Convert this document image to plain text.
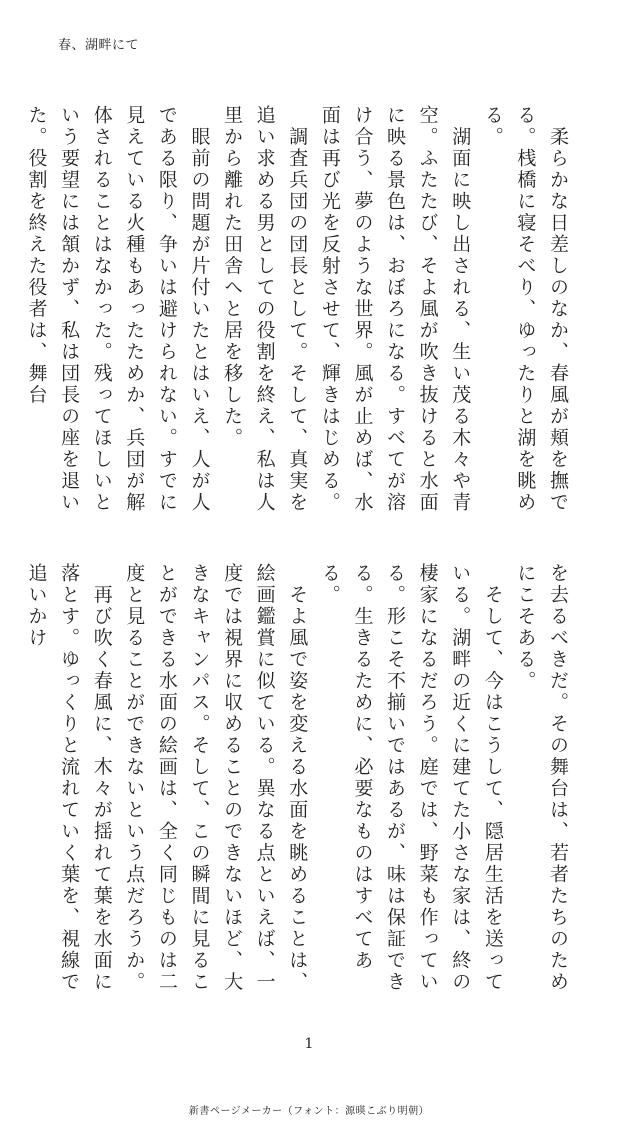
春、湖畔にて

　柔らかな日差しのなか、春風が頬を撫でる。桟橋に寝そべり、ゆったりと湖を眺める。

　湖面に映し出される、生い茂る木々や青空。ふたたび、そよ風が吹き抜けると水面に映る景色は、おぼろになる。すべてが溶け合う、夢のような世界。風が止めば、水面は再び光を反射させて、輝きはじめる。

　調査兵団の団長として。そして、真実を追い求める男としての役割を終え、私は人里から離れた田舎へと居を移した。

　眼前の問題が片付いたとはいえ、人が人である限り、争いは避けられない。すでに見えている火種もあったためか、兵団が解体されることはなかった。残ってほしいという要望には頷かず、私は団長の座を退いた。役割を終えた役者は、舞台

を去るべきだ。その舞台は、若者たちのためにこそある。

　そして、今はこうして、隠居生活を送っている。湖畔の近くに建てた小さな家は、終の棲家になるだろう。庭では、野菜も作っている。形こそ不揃いではあるが、味は保証できる。生きるために、必要なものはすべてある。

　そよ風で姿を変える水面を眺めることは、絵画鑑賞に似ている。異なる点といえば、一度では視界に収めることのできないほど、大きなキャンパス。そして、この瞬間に見ることができる水面の絵画は、全く同じものは二度と見ることができないという点だろうか。

　再び吹く春風に、木々が揺れて葉を水面に落とす。ゆっくりと流れていく葉を、視線で追いかけ

1
新書ページメーカー（フォント：源暎こぶり明朝）
